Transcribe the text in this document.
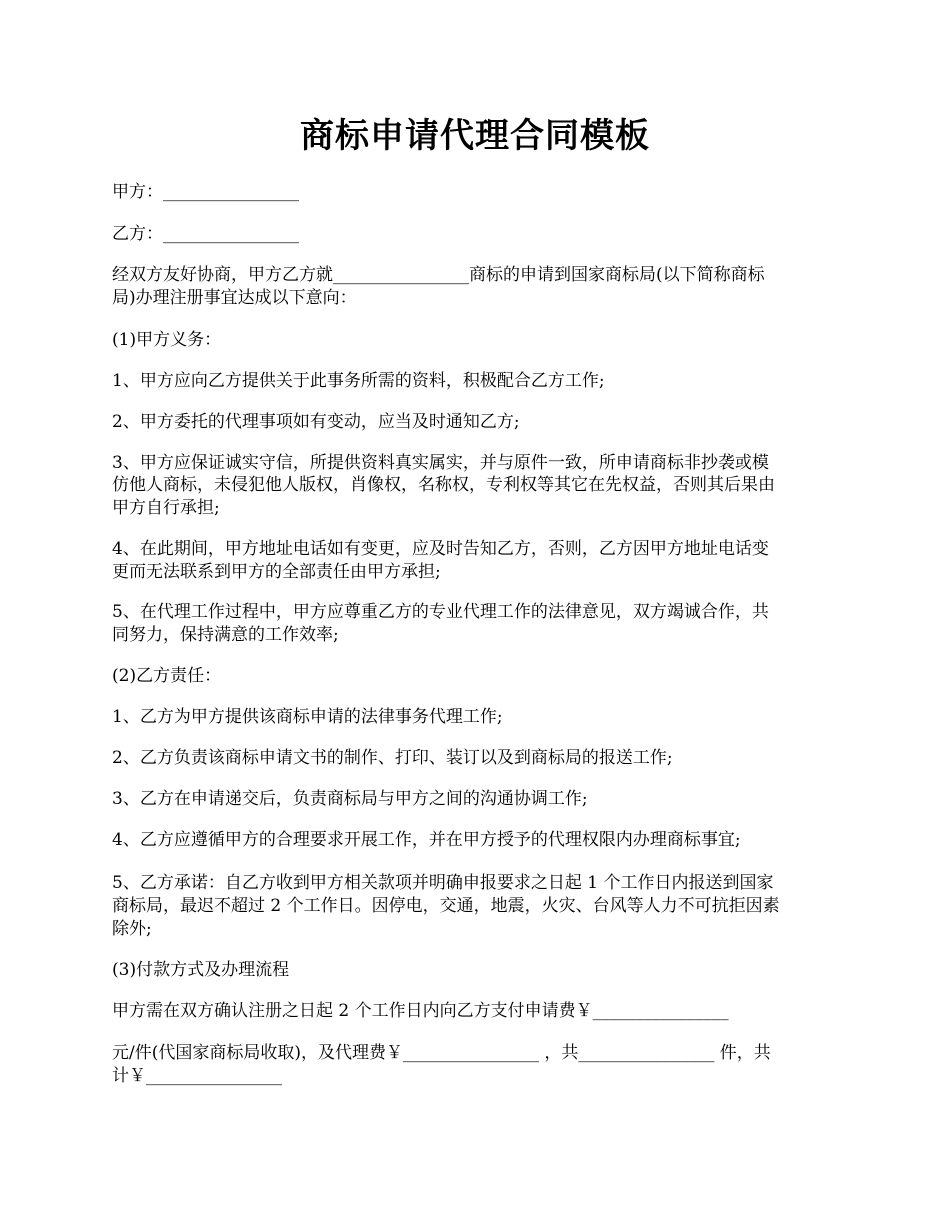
商标申请代理合同模板
甲方：________________
乙方：________________
经双方友好协商，甲方乙方就________________商标的申请到国家商标局(以下简称商标
局)办理注册事宜达成以下意向：
(1)甲方义务：
1、甲方应向乙方提供关于此事务所需的资料，积极配合乙方工作;
2、甲方委托的代理事项如有变动，应当及时通知乙方;
3、甲方应保证诚实守信，所提供资料真实属实，并与原件一致，所申请商标非抄袭或模
仿他人商标，未侵犯他人版权，肖像权，名称权，专利权等其它在先权益，否则其后果由
甲方自行承担;
4、在此期间，甲方地址电话如有变更，应及时告知乙方，否则，乙方因甲方地址电话变
更而无法联系到甲方的全部责任由甲方承担;
5、在代理工作过程中，甲方应尊重乙方的专业代理工作的法律意见，双方竭诚合作，共
同努力，保持满意的工作效率;
(2)乙方责任：
1、乙方为甲方提供该商标申请的法律事务代理工作;
2、乙方负责该商标申请文书的制作、打印、装订以及到商标局的报送工作;
3、乙方在申请递交后，负责商标局与甲方之间的沟通协调工作;
4、乙方应遵循甲方的合理要求开展工作，并在甲方授予的代理权限内办理商标事宜;
5、乙方承诺：自乙方收到甲方相关款项并明确申报要求之日起 1 个工作日内报送到国家
商标局，最迟不超过 2 个工作日。因停电，交通，地震，火灾、台风等人力不可抗拒因素
除外;
(3)付款方式及办理流程
甲方需在双方确认注册之日起 2 个工作日内向乙方支付申请费￥________________
元/件(代国家商标局收取)，及代理费￥________________ ，共________________ 件，共
计￥________________
